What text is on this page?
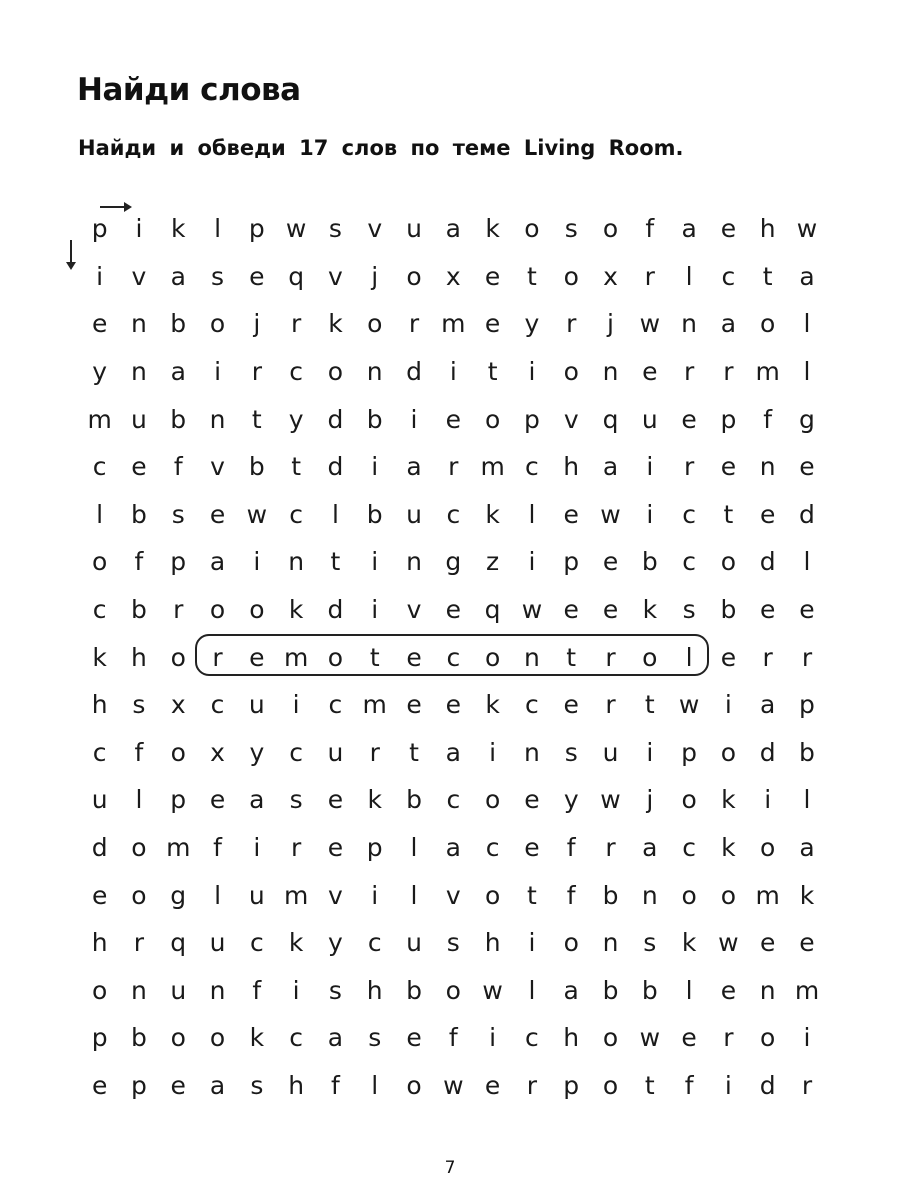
Найди слова

Найди и обведи 17 слов по теме Living Room.

p	i	k	l	p w s	v u a k o	s	o	f	a e h w
i	v a	s	e q v	j	o x e	t	o x	r	l	c	t	a
e n b o	j	r	k o	r m e y	r	j	w n a o	l
y n a	i	r	c o n d	i	t	i	o n e	r	r m l
m u b n	t	y d b	i	e o p v q u e p	f	g
c e	f	v b	t	d	i	a	r m c h a	i	r	e n e
l	b s	e w c	l	b u c	k	l	e w	i	c	t	e d
o	f	p a	i	n	t	i	n g z	i	p e b c o d	l
c b	r	o o k d	i	v e q w e e k	s b e e
k h o	r	e m o	t	e c o n	t	r	o	l	e	r	r
h s	x	c u	i	c m e e k	c e	r	t w	i	a p
c	f	o x y	c u	r	t	a	i	n s u	i	p o d b
u	l	p e a	s	e k b c o e y w	j	o k	i	l
d o m f	i	r	e p	l	a c e	f	r	a c	k o a
e o g	l	u m v	i	l	v o	t	f	b n o o m k
h	r	q u c	k y	c u s h	i	o n s	k w e e
o n u n	f	i	s h b o w	l	a b b	l	e n m
p b o o k	c a	s	e	f	i	c h o w e	r	o	i
e p e a	s h	f	l	o w e	r	p o	t	f	i	d	r
7
